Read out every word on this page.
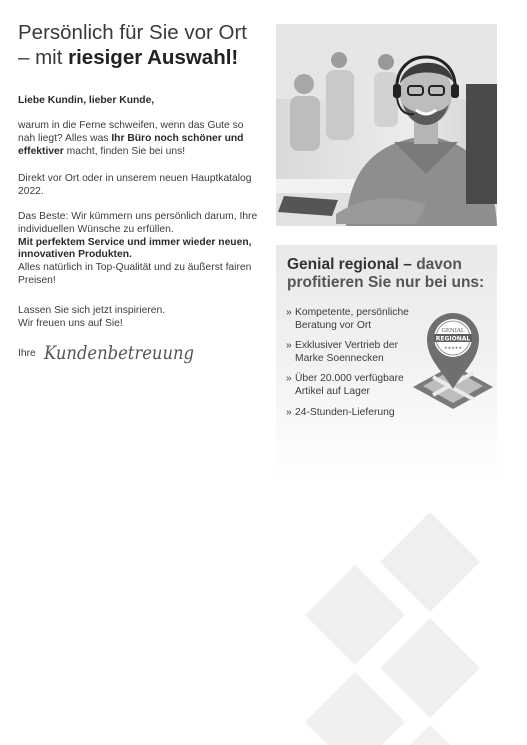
Persönlich für Sie vor Ort
– mit riesiger Auswahl!

Liebe Kundin, lieber Kunde,

warum in die Ferne schweifen, wenn das Gute so nah liegt? Alles was Ihr Büro noch schöner und effektiver macht, finden Sie bei uns!

Direkt vor Ort oder in unserem neuen Hauptkatalog 2022.

Das Beste: Wir kümmern uns persönlich darum, Ihre individuellen Wünsche zu erfüllen.
Mit perfektem Service und immer wieder neuen, innovativen Produkten.
Alles natürlich in Top-Qualität und zu äußerst fairen Preisen!

Lassen Sie sich jetzt inspirieren.
Wir freuen uns auf Sie!

Ihre Kundenbetreuung
Genial regional – davon profitieren Sie nur bei uns:
» Kompetente, persönliche Beratung vor Ort
» Exklusiver Vertrieb der Marke Soennecken
» Über 20.000 verfügbare Artikel auf Lager
» 24-Stunden-Lieferung
GENIAL
REGIONAL
★★★★★
